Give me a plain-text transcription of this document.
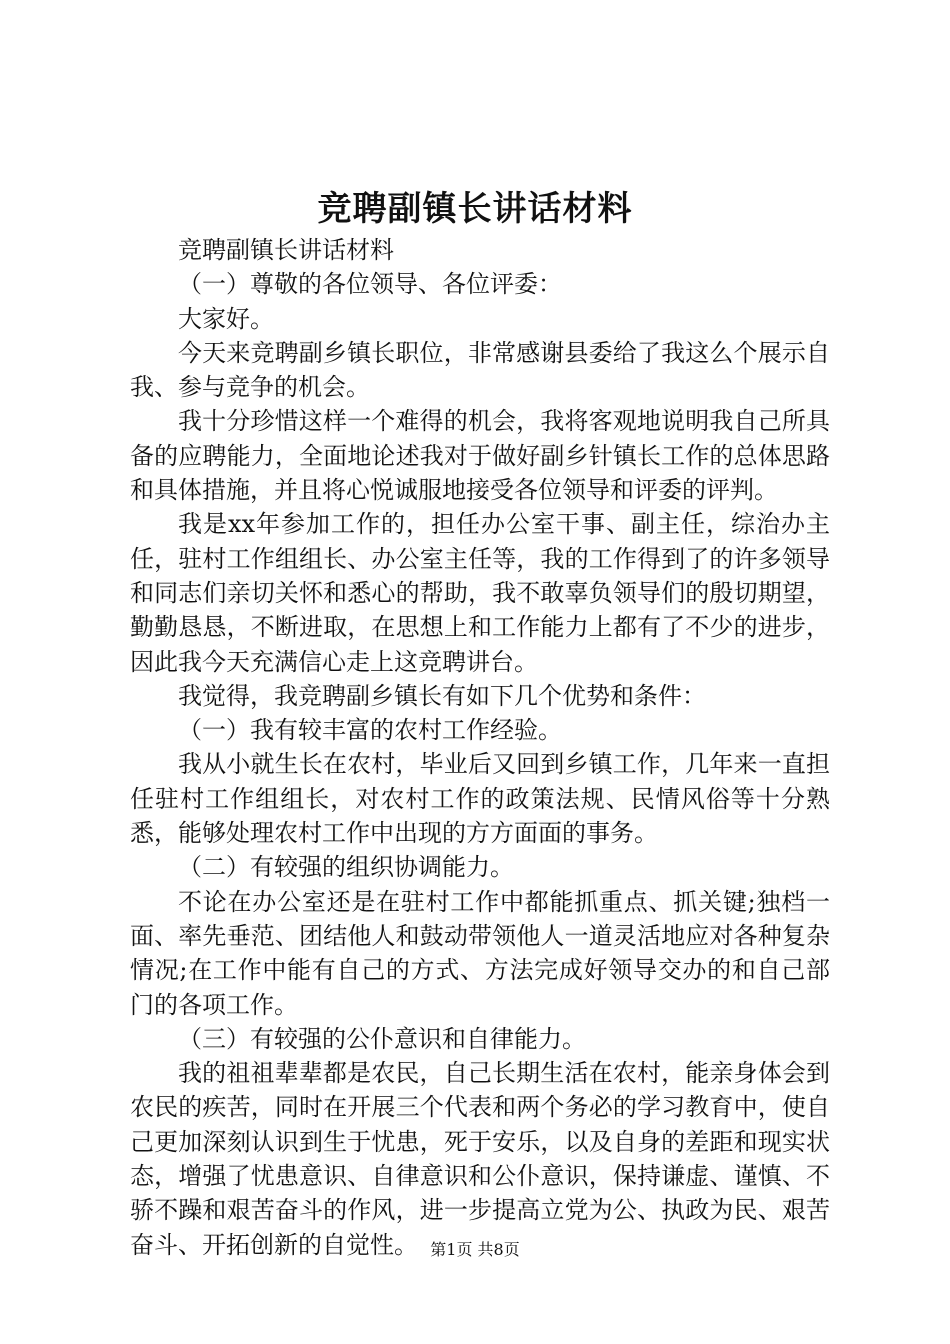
竞聘副镇长讲话材料

竞聘副镇长讲话材料

（一）尊敬的各位领导、各位评委：

大家好。

今天来竞聘副乡镇长职位，非常感谢县委给了我这么个展示自我、参与竞争的机会。

我十分珍惜这样一个难得的机会，我将客观地说明我自己所具备的应聘能力，全面地论述我对于做好副乡针镇长工作的总体思路和具体措施，并且将心悦诚服地接受各位领导和评委的评判。

我是xx年参加工作的，担任办公室干事、副主任，综治办主任，驻村工作组组长、办公室主任等，我的工作得到了的许多领导和同志们亲切关怀和悉心的帮助，我不敢辜负领导们的殷切期望，勤勤恳恳，不断进取，在思想上和工作能力上都有了不少的进步，因此我今天充满信心走上这竞聘讲台。

我觉得，我竞聘副乡镇长有如下几个优势和条件：

（一）我有较丰富的农村工作经验。

我从小就生长在农村，毕业后又回到乡镇工作，几年来一直担任驻村工作组组长，对农村工作的政策法规、民情风俗等十分熟悉，能够处理农村工作中出现的方方面面的事务。

（二）有较强的组织协调能力。

不论在办公室还是在驻村工作中都能抓重点、抓关键;独档一面、率先垂范、团结他人和鼓动带领他人一道灵活地应对各种复杂情况;在工作中能有自己的方式、方法完成好领导交办的和自己部门的各项工作。

（三）有较强的公仆意识和自律能力。

我的祖祖辈辈都是农民，自己长期生活在农村，能亲身体会到农民的疾苦，同时在开展三个代表和两个务必的学习教育中，使自己更加深刻认识到生于忧患，死于安乐，以及自身的差距和现实状态，增强了忧患意识、自律意识和公仆意识，保持谦虚、谨慎、不骄不躁和艰苦奋斗的作风，进一步提高立党为公、执政为民、艰苦奋斗、开拓创新的自觉性。 第1页 共8页
